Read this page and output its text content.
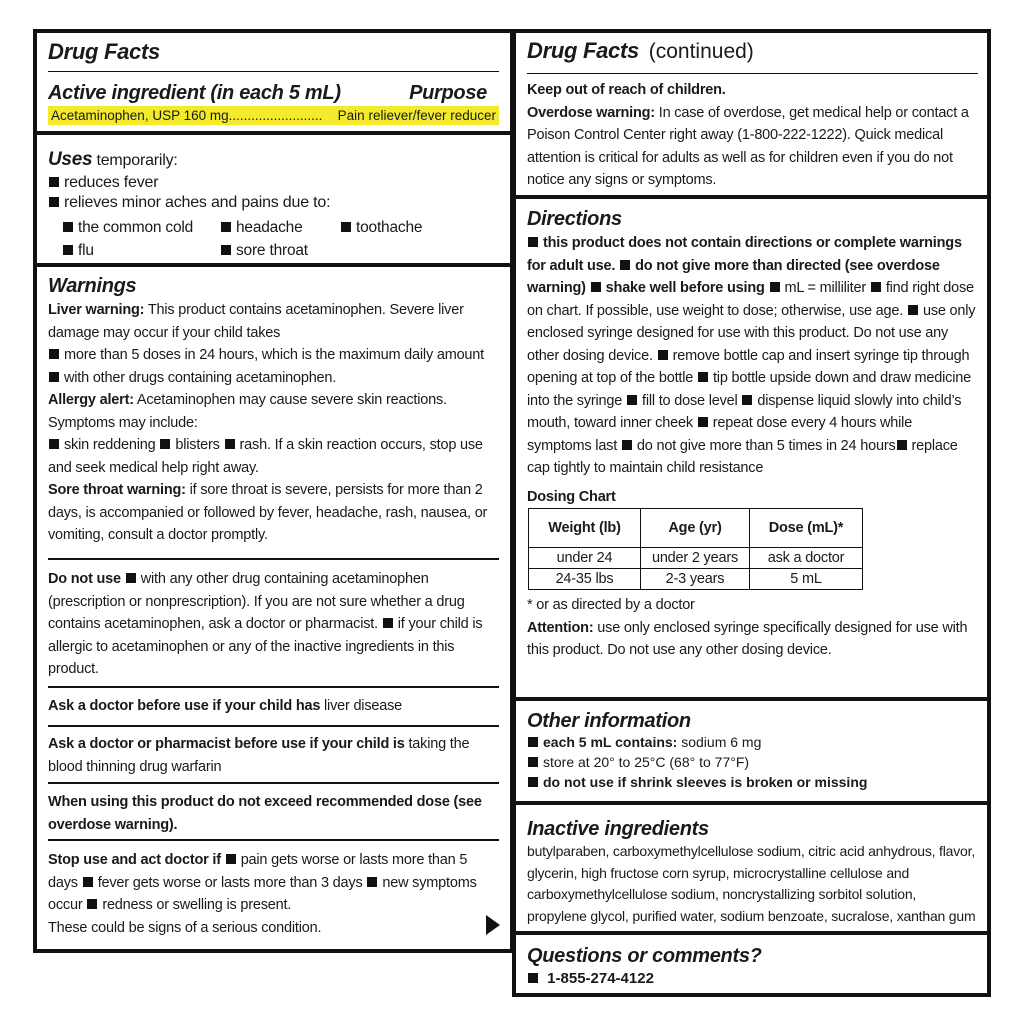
Drug Facts
Active ingredient (in each 5 mL)	Purpose
Acetaminophen, USP 160 mg......................... Pain reliever/fever reducer
Uses temporarily:
reduces fever
relieves minor aches and pains due to:
the common cold	headache	toothache
flu	sore throat
Warnings
Liver warning: This product contains acetaminophen. Severe liver damage may occur if your child takes
more than 5 doses in 24 hours, which is the maximum daily amount with other drugs containing acetaminophen.
Allergy alert: Acetaminophen may cause severe skin reactions. Symptoms may include:
skin reddening blisters rash. If a skin reaction occurs, stop use and seek medical help right away.
Sore throat warning: if sore throat is severe, persists for more than 2 days, is accompanied or followed by fever, headache, rash, nausea, or vomiting, consult a doctor promptly.
Do not use with any other drug containing acetaminophen (prescription or nonprescription). If you are not sure whether a drug contains acetaminophen, ask a doctor or pharmacist. if your child is allergic to acetaminophen or any of the inactive ingredients in this product.
Ask a doctor before use if your child has liver disease
Ask a doctor or pharmacist before use if your child is taking the blood thinning drug warfarin
When using this product do not exceed recommended dose (see overdose warning).
Stop use and act doctor if pain gets worse or lasts more than 5 days fever gets worse or lasts more than 3 days new symptoms occur redness or swelling is present.
These could be signs of a serious condition.
Drug Facts (continued)
Keep out of reach of children.
Overdose warning: In case of overdose, get medical help or contact a Poison Control Center right away (1-800-222-1222). Quick medical attention is critical for adults as well as for children even if you do not notice any signs or symptoms.
Directions
this product does not contain directions or complete warnings for adult use. do not give more than directed (see overdose warning) shake well before using mL = milliliter find right dose on chart. If possible, use weight to dose; otherwise, use age. use only enclosed syringe designed for use with this product. Do not use any other dosing device. remove bottle cap and insert syringe tip through opening at top of the bottle tip bottle upside down and draw medicine into the syringe fill to dose level dispense liquid slowly into child’s mouth, toward inner cheek repeat dose every 4 hours while symptoms last do not give more than 5 times in 24 hours replace cap tightly to maintain child resistance
Dosing Chart
Weight (lb)	Age (yr)	Dose (mL)*
under 24	under 2 years	ask a doctor
24-35 lbs	2-3 years	5 mL
* or as directed by a doctor
Attention: use only enclosed syringe specifically designed for use with this product. Do not use any other dosing device.
Other information
each 5 mL contains: sodium 6 mg
store at 20° to 25°C (68° to 77°F)
do not use if shrink sleeves is broken or missing
Inactive ingredients
butylparaben, carboxymethylcellulose sodium, citric acid anhydrous, flavor, glycerin, high fructose corn syrup, microcrystalline cellulose and carboxymethylcellulose sodium, noncrystallizing sorbitol solution, propylene glycol, purified water, sodium benzoate, sucralose, xanthan gum
Questions or comments?
1-855-274-4122
